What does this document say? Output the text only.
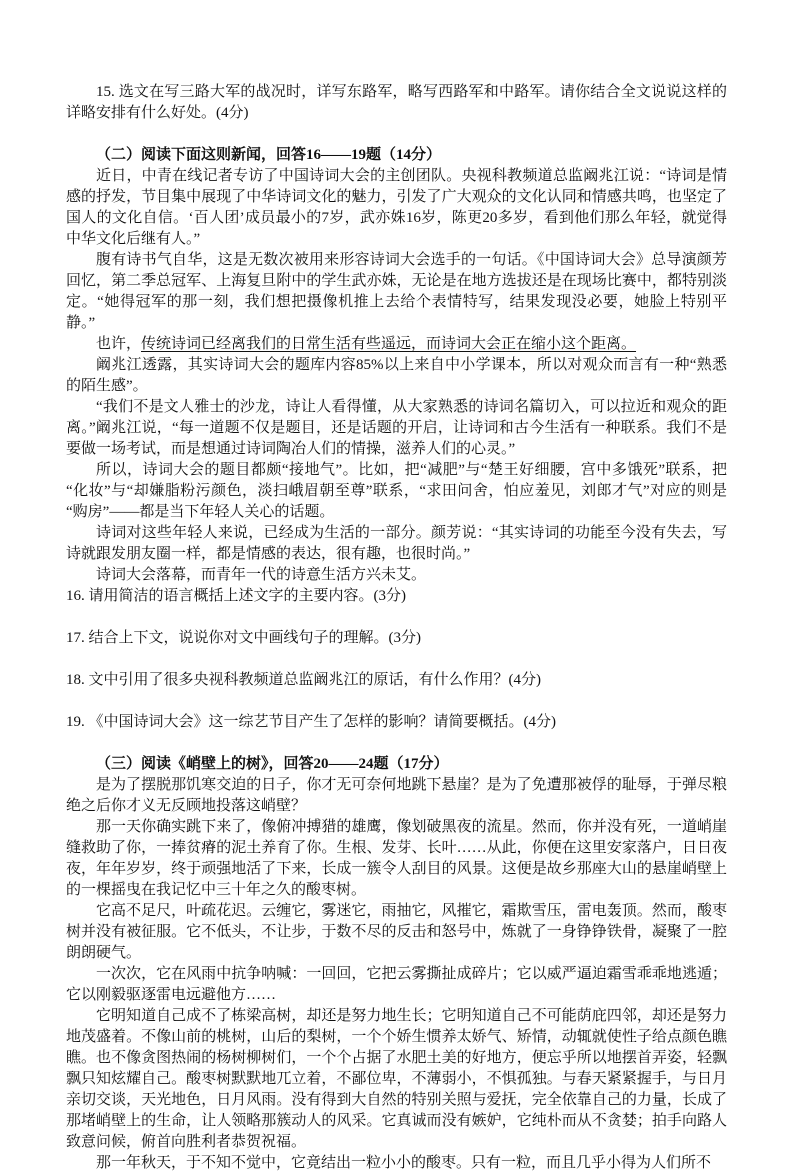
15. 选文在写三路大军的战况时，详写东路军，略写西路军和中路军。请你结合全文说说这样的详略安排有什么好处。(4分)

（二）阅读下面这则新闻，回答16——19题（14分）

近日，中青在线记者专访了中国诗词大会的主创团队。央视科教频道总监阚兆江说：“诗词是情感的抒发，节目集中展现了中华诗词文化的魅力，引发了广大观众的文化认同和情感共鸣，也坚定了国人的文化自信。‘百人团’成员最小的7岁，武亦姝16岁，陈更20多岁，看到他们那么年轻，就觉得中华文化后继有人。”

腹有诗书气自华，这是无数次被用来形容诗词大会选手的一句话。《中国诗词大会》总导演颜芳回忆，第二季总冠军、上海复旦附中的学生武亦姝，无论是在地方选拔还是在现场比赛中，都特别淡定。“她得冠军的那一刻，我们想把摄像机推上去给个表情特写，结果发现没必要，她脸上特别平静。”

也许，传统诗词已经离我们的日常生活有些遥远，而诗词大会正在缩小这个距离。

阚兆江透露，其实诗词大会的题库内容85%以上来自中小学课本，所以对观众而言有一种“熟悉的陌生感”。

“我们不是文人雅士的沙龙，诗让人看得懂，从大家熟悉的诗词名篇切入，可以拉近和观众的距离。”阚兆江说，“每一道题不仅是题目，还是话题的开启，让诗词和古今生活有一种联系。我们不是要做一场考试，而是想通过诗词陶冶人们的情操，滋养人们的心灵。”

所以，诗词大会的题目都颇“接地气”。比如，把“减肥”与“楚王好细腰，宫中多饿死”联系，把“化妆”与“却嫌脂粉污颜色，淡扫峨眉朝至尊”联系，“求田问舍，怕应羞见，刘郎才气”对应的则是“购房”——都是当下年轻人关心的话题。

诗词对这些年轻人来说，已经成为生活的一部分。颜芳说：“其实诗词的功能至今没有失去，写诗就跟发朋友圈一样，都是情感的表达，很有趣，也很时尚。”

诗词大会落幕，而青年一代的诗意生活方兴未艾。

16. 请用简洁的语言概括上述文字的主要内容。(3分)

17. 结合上下文，说说你对文中画线句子的理解。(3分)

18. 文中引用了很多央视科教频道总监阚兆江的原话，有什么作用？(4分)

19. 《中国诗词大会》这一综艺节目产生了怎样的影响？请简要概括。(4分)

（三）阅读《峭壁上的树》，回答20——24题（17分）

是为了摆脱那饥寒交迫的日子，你才无可奈何地跳下悬崖？是为了免遭那被俘的耻辱，于弹尽粮绝之后你才义无反顾地投落这峭壁？

那一天你确实跳下来了，像俯冲搏猎的雄鹰，像划破黑夜的流星。然而，你并没有死，一道峭崖缝救助了你，一捧贫瘠的泥土养育了你。生根、发芽、长叶……从此，你便在这里安家落户，日日夜夜，年年岁岁，终于顽强地活了下来，长成一簇令人刮目的风景。这便是故乡那座大山的悬崖峭壁上的一棵摇曳在我记忆中三十年之久的酸枣树。

它高不足尺，叶疏花迟。云缠它，雾迷它，雨抽它，风摧它，霜欺雪压，雷电轰顶。然而，酸枣树并没有被征服。它不低头，不让步，于数不尽的反击和怒号中，炼就了一身铮铮铁骨，凝聚了一腔朗朗硬气。

一次次，它在风雨中抗争呐喊：一回回，它把云雾撕扯成碎片；它以威严逼迫霜雪乖乖地逃遁；它以刚毅驱逐雷电远避他方……

它明知道自己成不了栋梁高树，却还是努力地生长；它明知道自己不可能荫庇四邻，却还是努力地茂盛着。不像山前的桃树，山后的梨树，一个个娇生惯养太娇气、矫情，动辄就使性子给点颜色瞧瞧。也不像贪图热闹的杨树柳树们，一个个占据了水肥土美的好地方，便忘乎所以地摆首弄姿，轻飘飘只知炫耀自己。酸枣树默默地兀立着，不鄙位卑，不薄弱小，不惧孤独。与春天紧紧握手，与日月亲切交谈，天光地色，日月风雨。没有得到大自然的特别关照与爱抚，完全依靠自己的力量，长成了那堵峭壁上的生命，让人领略那簇动人的风采。它真诚而没有嫉妒，它纯朴而从不贪婪；拍手向路人致意问候，俯首向胜利者恭贺祝福。

那一年秋天，于不知不觉中，它竟结出一粒小小的酸枣。只有一粒，而且几乎小得为人们所不
